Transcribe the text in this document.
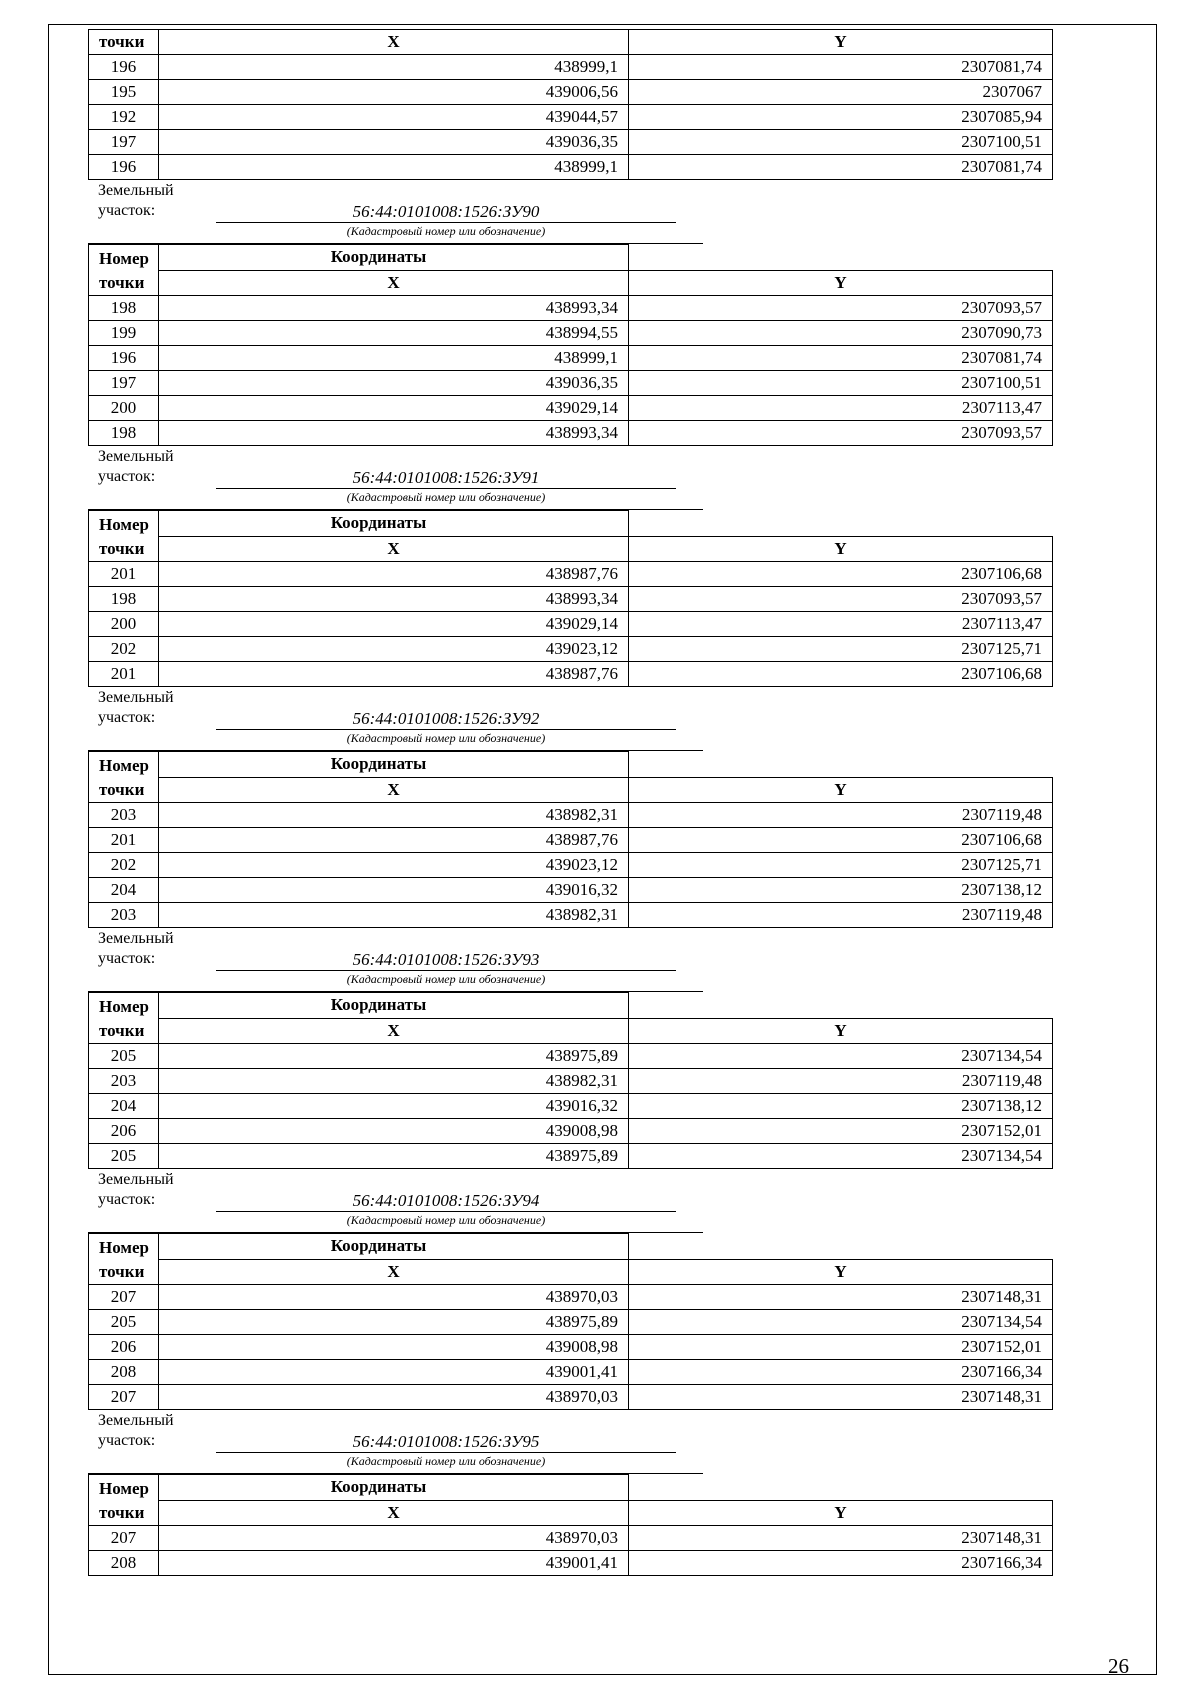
точки	X	Y
196	438999,1	2307081,74
195	439006,56	2307067
192	439044,57	2307085,94
197	439036,35	2307100,51
196	438999,1	2307081,74
Земельный
участок:	56:44:0101008:1526:ЗУ90
(Кадастровый номер или обозначение)
Номер
точки	Координаты	
	X	Y
198	438993,34	2307093,57
199	438994,55	2307090,73
196	438999,1	2307081,74
197	439036,35	2307100,51
200	439029,14	2307113,47
198	438993,34	2307093,57
Земельный
участок:	56:44:0101008:1526:ЗУ91
(Кадастровый номер или обозначение)
Номер
точки	Координаты	
	X	Y
201	438987,76	2307106,68
198	438993,34	2307093,57
200	439029,14	2307113,47
202	439023,12	2307125,71
201	438987,76	2307106,68
Земельный
участок:	56:44:0101008:1526:ЗУ92
(Кадастровый номер или обозначение)
Номер
точки	Координаты	
	X	Y
203	438982,31	2307119,48
201	438987,76	2307106,68
202	439023,12	2307125,71
204	439016,32	2307138,12
203	438982,31	2307119,48
Земельный
участок:	56:44:0101008:1526:ЗУ93
(Кадастровый номер или обозначение)
Номер
точки	Координаты	
	X	Y
205	438975,89	2307134,54
203	438982,31	2307119,48
204	439016,32	2307138,12
206	439008,98	2307152,01
205	438975,89	2307134,54
Земельный
участок:	56:44:0101008:1526:ЗУ94
(Кадастровый номер или обозначение)
Номер
точки	Координаты	
	X	Y
207	438970,03	2307148,31
205	438975,89	2307134,54
206	439008,98	2307152,01
208	439001,41	2307166,34
207	438970,03	2307148,31
Земельный
участок:	56:44:0101008:1526:ЗУ95
(Кадастровый номер или обозначение)
Номер
точки	Координаты	
	X	Y
207	438970,03	2307148,31
208	439001,41	2307166,34
26
